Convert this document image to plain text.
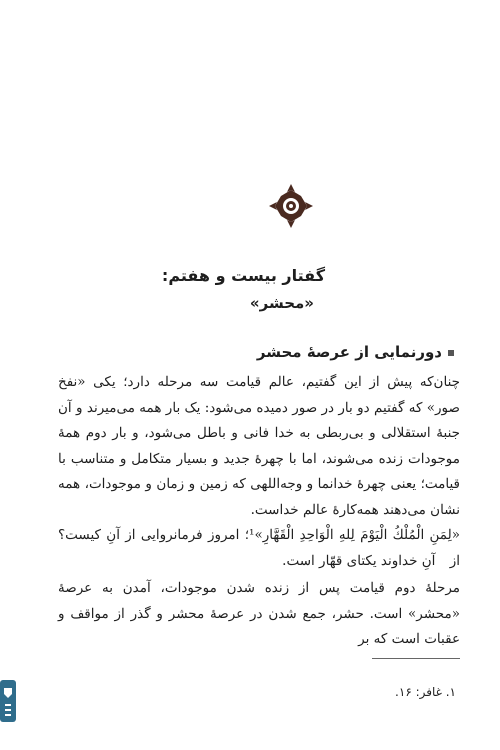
گفتار بیست و هفتم:
«محشر»
دورنمایی از عرصهٔ محشر

چنان‌که پیش از این گفتیم، عالم قیامت سه مرحله دارد؛ یکی «نفخ صور» که گفتیم دو بار در صور دمیده می‌شود: یک بار همه می‌میرند و آن جنبهٔ استقلالی و بی‌ربطی به خدا فانی و باطل می‌شود، و بار دوم همهٔ موجودات زنده می‌شوند، اما با چهرهٔ جدید و بسیار متکامل و متناسب با قیامت؛ یعنی چهرهٔ خدانما و وجه‌اللهی که زمین و زمان و موجودات، همه نشان می‌دهند همه‌کارهٔ عالم خداست.

«لِمَنِ الْمُلْكُ الْيَوْمَ لِلهِ الْوَاحِدِ الْقَهَّارِ»¹؛ امروز فرمانروایی از آنِ کیست؟ از آنِ خداوند یکتای قهّار است.

مرحلهٔ دوم قیامت پس از زنده شدن موجودات، آمدن به عرصهٔ «محشر» است. حشر، جمع شدن در عرصهٔ محشر و گذر از مواقف و عقبات است که بر

۱. غافر: ۱۶.
